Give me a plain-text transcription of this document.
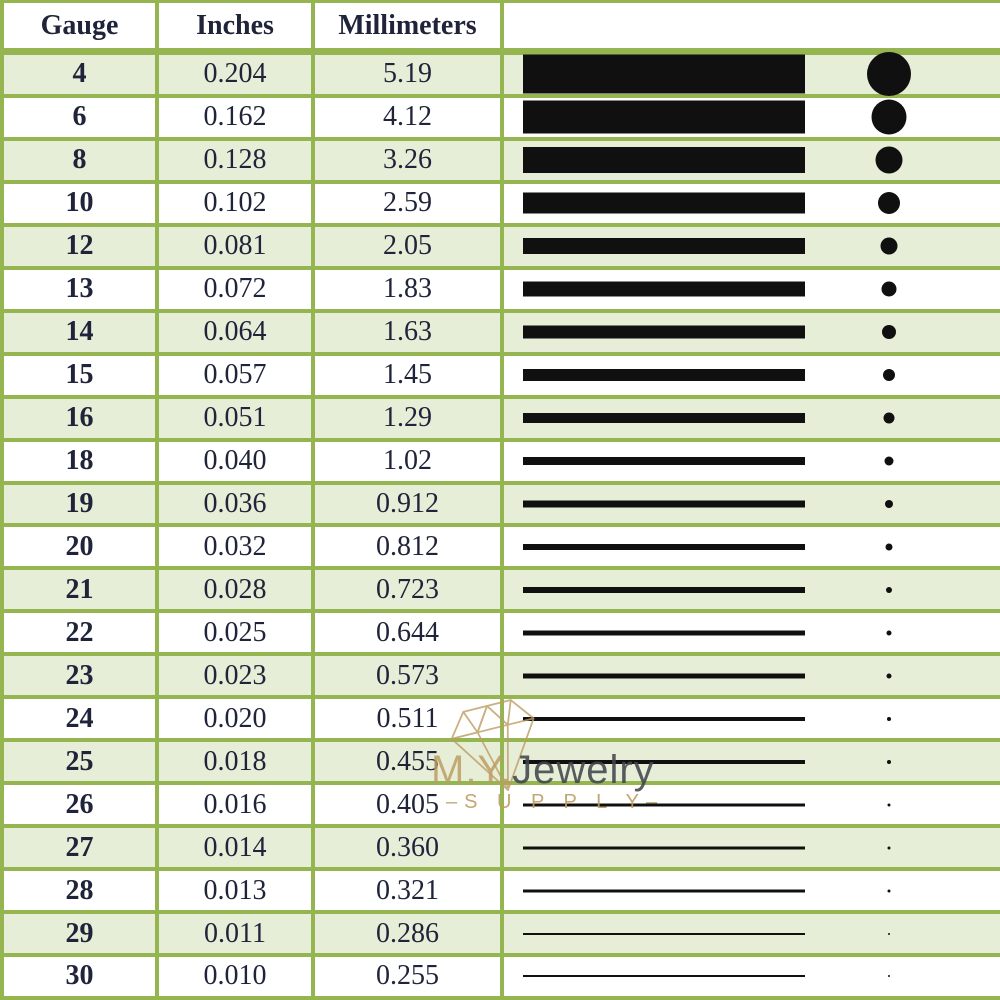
Gauge	Inches	Millimeters
4	0.204	5.19
6	0.162	4.12
8	0.128	3.26
10	0.102	2.59
12	0.081	2.05
13	0.072	1.83
14	0.064	1.63
15	0.057	1.45
16	0.051	1.29
18	0.040	1.02
19	0.036	0.912
20	0.032	0.812
21	0.028	0.723
22	0.025	0.644
23	0.023	0.573
24	0.020	0.511
25	0.018	0.455
26	0.016	0.405
27	0.014	0.360
28	0.013	0.321
29	0.011	0.286
30	0.010	0.255
M.Y.Jewelry
–S U P P L Y–
